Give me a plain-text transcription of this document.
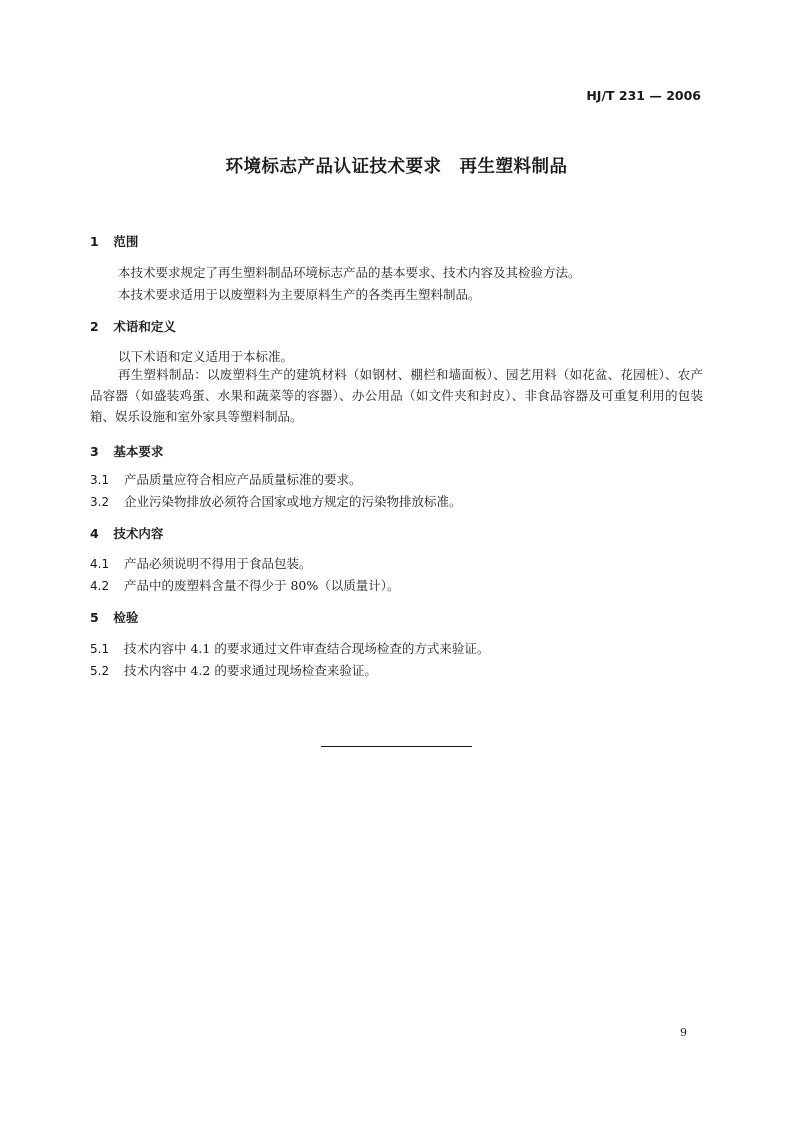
HJ/T 231 — 2006
环境标志产品认证技术要求　再生塑料制品
1 范围
本技术要求规定了再生塑料制品环境标志产品的基本要求、技术内容及其检验方法。
本技术要求适用于以废塑料为主要原料生产的各类再生塑料制品。
2 术语和定义
以下术语和定义适用于本标准。
再生塑料制品：以废塑料生产的建筑材料（如钢材、棚栏和墙面板）、园艺用料（如花盆、花园桩）、农产品容器（如盛装鸡蛋、水果和蔬菜等的容器）、办公用品（如文件夹和封皮）、非食品容器及可重复利用的包装箱、娱乐设施和室外家具等塑料制品。
3 基本要求
3.1 产品质量应符合相应产品质量标准的要求。
3.2 企业污染物排放必须符合国家或地方规定的污染物排放标准。
4 技术内容
4.1 产品必须说明不得用于食品包装。
4.2 产品中的废塑料含量不得少于 80%（以质量计）。
5 检验
5.1 技术内容中 4.1 的要求通过文件审查结合现场检查的方式来验证。
5.2 技术内容中 4.2 的要求通过现场检查来验证。
9
